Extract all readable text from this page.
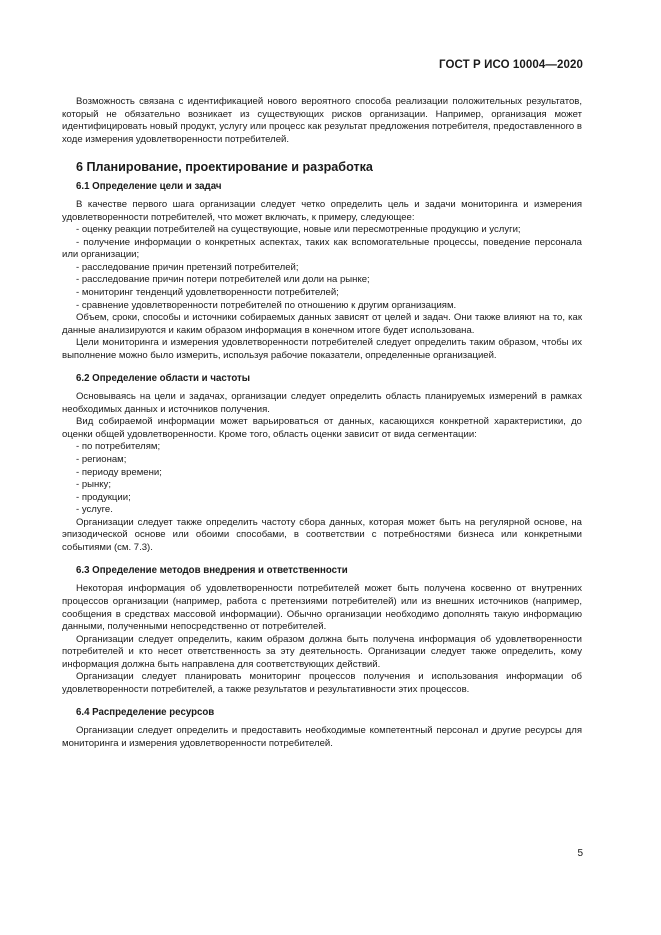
ГОСТ Р ИСО 10004—2020

Возможность связана с идентификацией нового вероятного способа реализации положительных результатов, который не обязательно возникает из существующих рисков организации. Например, организация может идентифицировать новый продукт, услугу или процесс как результат предложения потребителя, предоставленного в ходе измерения удовлетворенности потребителей.

6 Планирование, проектирование и разработка
6.1 Определение цели и задач

В качестве первого шага организации следует четко определить цель и задачи мониторинга и измерения удовлетворенности потребителей, что может включать, к примеру, следующее:

- оценку реакции потребителей на существующие, новые или пересмотренные продукцию и услуги;

- получение информации о конкретных аспектах, таких как вспомогательные процессы, поведение персонала или организации;

- расследование причин претензий потребителей;

- расследование причин потери потребителей или доли на рынке;

- мониторинг тенденций удовлетворенности потребителей;

- сравнение удовлетворенности потребителей по отношению к другим организациям.

Объем, сроки, способы и источники собираемых данных зависят от целей и задач. Они также влияют на то, как данные анализируются и каким образом информация в конечном итоге будет использована.

Цели мониторинга и измерения удовлетворенности потребителей следует определить таким образом, чтобы их выполнение можно было измерить, используя рабочие показатели, определенные организацией.

6.2 Определение области и частоты

Основываясь на цели и задачах, организации следует определить область планируемых измерений в рамках необходимых данных и источников получения.

Вид собираемой информации может варьироваться от данных, касающихся конкретной характеристики, до оценки общей удовлетворенности. Кроме того, область оценки зависит от вида сегментации:

- по потребителям;

- регионам;

- периоду времени;

- рынку;

- продукции;

- услуге.

Организации следует также определить частоту сбора данных, которая может быть на регулярной основе, на эпизодической основе или обоими способами, в соответствии с потребностями бизнеса или конкретными событиями (см. 7.3).

6.3 Определение методов внедрения и ответственности

Некоторая информация об удовлетворенности потребителей может быть получена косвенно от внутренних процессов организации (например, работа с претензиями потребителей) или из внешних источников (например, сообщения в средствах массовой информации). Обычно организации необходимо дополнять такую информацию данными, полученными непосредственно от потребителей.

Организации следует определить, каким образом должна быть получена информация об удовлетворенности потребителей и кто несет ответственность за эту деятельность. Организации следует также определить, кому информация должна быть направлена для соответствующих действий.

Организации следует планировать мониторинг процессов получения и использования информации об удовлетворенности потребителей, а также результатов и результативности этих процессов.

6.4 Распределение ресурсов

Организации следует определить и предоставить необходимые компетентный персонал и другие ресурсы для мониторинга и измерения удовлетворенности потребителей.

5
